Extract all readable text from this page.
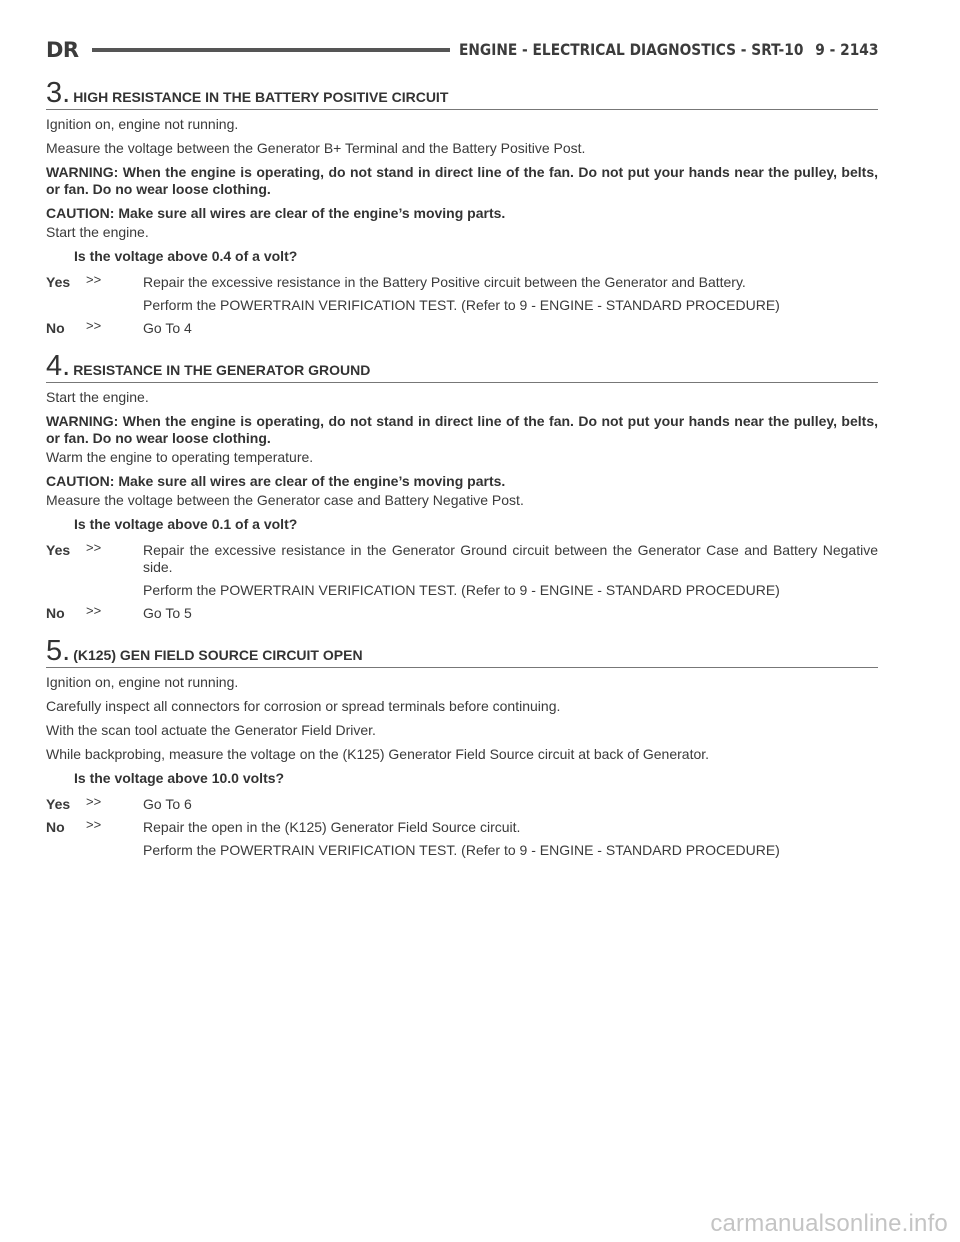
DR	ENGINE - ELECTRICAL DIAGNOSTICS - SRT-10 9 - 2143
3. HIGH RESISTANCE IN THE BATTERY POSITIVE CIRCUIT

Ignition on, engine not running.

Measure the voltage between the Generator B+ Terminal and the Battery Positive Post.

WARNING: When the engine is operating, do not stand in direct line of the fan. Do not put your hands near the pulley, belts, or fan. Do no wear loose clothing.

CAUTION: Make sure all wires are clear of the engine’s moving parts.

Start the engine.

Is the voltage above 0.4 of a volt?

Yes >>	Repair the excessive resistance in the Battery Positive circuit between the Generator and Battery.

Perform the POWERTRAIN VERIFICATION TEST. (Refer to 9 - ENGINE - STANDARD PROCEDURE)

No >>	Go To 4

4. RESISTANCE IN THE GENERATOR GROUND

Start the engine.

WARNING: When the engine is operating, do not stand in direct line of the fan. Do not put your hands near the pulley, belts, or fan. Do no wear loose clothing.

Warm the engine to operating temperature.

CAUTION: Make sure all wires are clear of the engine’s moving parts.

Measure the voltage between the Generator case and Battery Negative Post.

Is the voltage above 0.1 of a volt?

Yes >>	Repair the excessive resistance in the Generator Ground circuit between the Generator Case and Battery Negative side.

Perform the POWERTRAIN VERIFICATION TEST. (Refer to 9 - ENGINE - STANDARD PROCEDURE)

No >>	Go To 5

5. (K125) GEN FIELD SOURCE CIRCUIT OPEN

Ignition on, engine not running.

Carefully inspect all connectors for corrosion or spread terminals before continuing.

With the scan tool actuate the Generator Field Driver.

While backprobing, measure the voltage on the (K125) Generator Field Source circuit at back of Generator.

Is the voltage above 10.0 volts?

Yes >>	Go To 6

No >>	Repair the open in the (K125) Generator Field Source circuit.

Perform the POWERTRAIN VERIFICATION TEST. (Refer to 9 - ENGINE - STANDARD PROCEDURE)

carmanualsonline.info
